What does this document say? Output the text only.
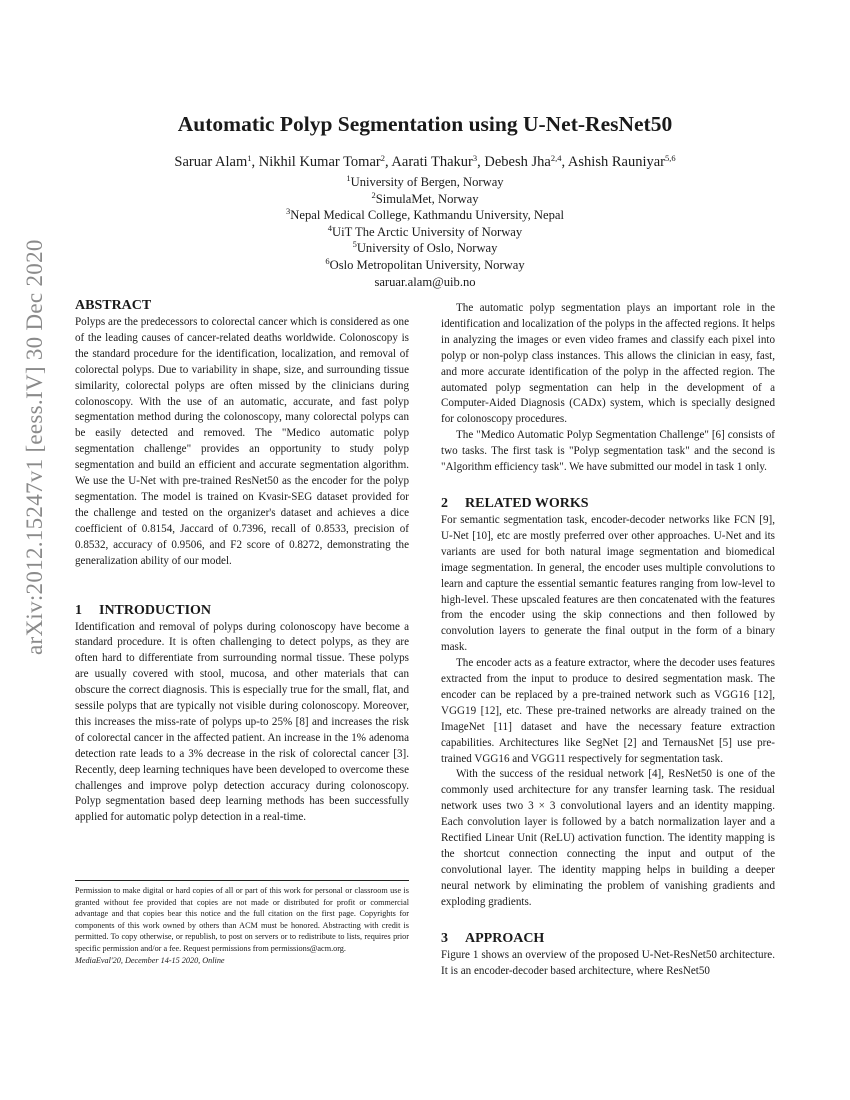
arXiv:2012.15247v1 [eess.IV] 30 Dec 2020
Automatic Polyp Segmentation using U-Net-ResNet50
Saruar Alam$^1$, Nikhil Kumar Tomar$^2$, Aarati Thakur$^3$, Debesh Jha$^{2,4}$, Ashish Rauniyar$^{5,6}$
$^1$University of Bergen, Norway
$^2$SimulaMet, Norway
$^3$Nepal Medical College, Kathmandu University, Nepal
$^4$UiT The Arctic University of Norway
$^5$University of Oslo, Norway
$^6$Oslo Metropolitan University, Norway
saruar.alam@uib.no
ABSTRACT

Polyps are the predecessors to colorectal cancer which is considered as one of the leading causes of cancer-related deaths worldwide. Colonoscopy is the standard procedure for the identification, localization, and removal of colorectal polyps. Due to variability in shape, size, and surrounding tissue similarity, colorectal polyps are often missed by the clinicians during colonoscopy. With the use of an automatic, accurate, and fast polyp segmentation method during the colonoscopy, many colorectal polyps can be easily detected and removed. The "Medico automatic polyp segmentation challenge" provides an opportunity to study polyp segmentation and build an efficient and accurate segmentation algorithm. We use the U-Net with pre-trained ResNet50 as the encoder for the polyp segmentation. The model is trained on Kvasir-SEG dataset provided for the challenge and tested on the organizer's dataset and achieves a dice coefficient of 0.8154, Jaccard of 0.7396, recall of 0.8533, precision of 0.8532, accuracy of 0.9506, and F2 score of 0.8272, demonstrating the generalization ability of our model.

1 INTRODUCTION

Identification and removal of polyps during colonoscopy have become a standard procedure. It is often challenging to detect polyps, as they are often hard to differentiate from surrounding normal tissue. These polyps are usually covered with stool, mucosa, and other materials that can obscure the correct diagnosis. This is especially true for the small, flat, and sessile polyps that are typically not visible during colonoscopy. Moreover, this increases the miss-rate of polyps up-to 25% [8] and increases the risk of colorectal cancer in the affected patient. An increase in the 1% adenoma detection rate leads to a 3% decrease in the risk of colorectal cancer [3]. Recently, deep learning techniques have been developed to overcome these challenges and improve polyp detection accuracy during colonoscopy. Polyp segmentation based deep learning methods has been successfully applied for automatic polyp detection in a real-time.

Permission to make digital or hard copies of all or part of this work for personal or classroom use is granted without fee provided that copies are not made or distributed for profit or commercial advantage and that copies bear this notice and the full citation on the first page. Copyrights for components of this work owned by others than ACM must be honored. Abstracting with credit is permitted. To copy otherwise, or republish, to post on servers or to redistribute to lists, requires prior specific permission and/or a fee. Request permissions from permissions@acm.org.
MediaEval'20, December 14-15 2020, Online

The automatic polyp segmentation plays an important role in the identification and localization of the polyps in the affected regions. It helps in analyzing the images or even video frames and classify each pixel into polyp or non-polyp class instances. This allows the clinician in easy, fast, and more accurate identification of the polyp in the affected region. The automated polyp segmentation can help in the development of a Computer-Aided Diagnosis (CADx) system, which is specially designed for colonoscopy procedures.

The "Medico Automatic Polyp Segmentation Challenge" [6] consists of two tasks. The first task is "Polyp segmentation task" and the second is "Algorithm efficiency task". We have submitted our model in task 1 only.

2 RELATED WORKS

For semantic segmentation task, encoder-decoder networks like FCN [9], U-Net [10], etc are mostly preferred over other approaches. U-Net and its variants are used for both natural image segmentation and biomedical image segmentation. In general, the encoder uses multiple convolutions to learn and capture the essential semantic features ranging from low-level to high-level. These upscaled features are then concatenated with the features from the encoder using the skip connections and then followed by convolution layers to generate the final output in the form of a binary mask.

The encoder acts as a feature extractor, where the decoder uses features extracted from the input to produce to desired segmentation mask. The encoder can be replaced by a pre-trained network such as VGG16 [12], VGG19 [12], etc. These pre-trained networks are already trained on the ImageNet [11] dataset and have the necessary feature extraction capabilities. Architectures like SegNet [2] and TernausNet [5] use pre-trained VGG16 and VGG11 respectively for segmentation task.

With the success of the residual network [4], ResNet50 is one of the commonly used architecture for any transfer learning task. The residual network uses two 3 × 3 convolutional layers and an identity mapping. Each convolution layer is followed by a batch normalization layer and a Rectified Linear Unit (ReLU) activation function. The identity mapping is the shortcut connection connecting the input and output of the convolutional layer. The identity mapping helps in building a deeper neural network by eliminating the problem of vanishing gradients and exploding gradients.

3 APPROACH

Figure 1 shows an overview of the proposed U-Net-ResNet50 architecture. It is an encoder-decoder based architecture, where ResNet50
